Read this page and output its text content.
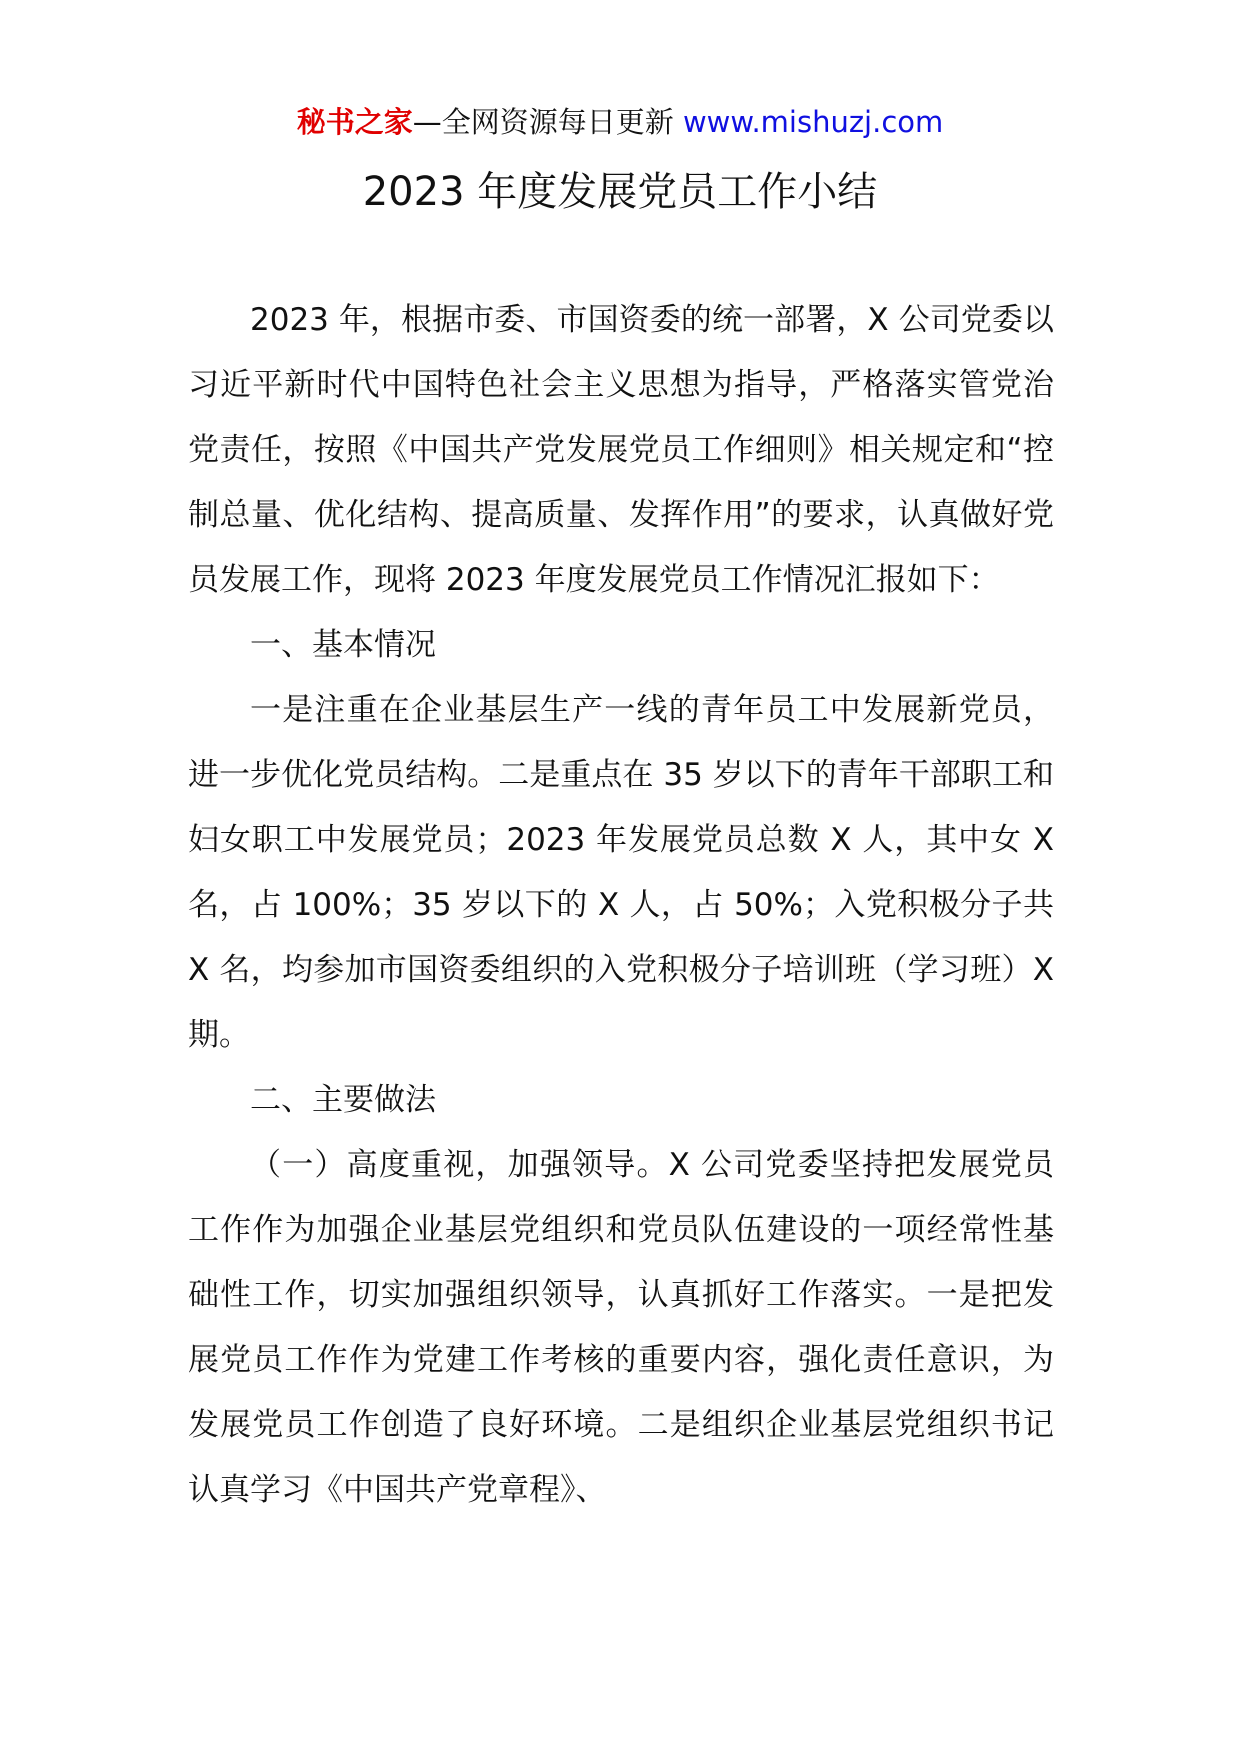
秘书之家—全网资源每日更新 www.mishuzj.com
2023 年度发展党员工作小结

2023 年，根据市委、市国资委的统一部署，X 公司党委以习近平新时代中国特色社会主义思想为指导，严格落实管党治党责任，按照《中国共产党发展党员工作细则》相关规定和“控制总量、优化结构、提高质量、发挥作用”的要求，认真做好党员发展工作，现将 2023 年度发展党员工作情况汇报如下：

一、基本情况

一是注重在企业基层生产一线的青年员工中发展新党员，进一步优化党员结构。二是重点在 35 岁以下的青年干部职工和妇女职工中发展党员；2023 年发展党员总数 X 人，其中女 X 名，占 100%；35 岁以下的 X 人，占 50%；入党积极分子共 X 名，均参加市国资委组织的入党积极分子培训班（学习班）X 期。

二、主要做法

（一）高度重视，加强领导。X 公司党委坚持把发展党员工作作为加强企业基层党组织和党员队伍建设的一项经常性基础性工作，切实加强组织领导，认真抓好工作落实。一是把发展党员工作作为党建工作考核的重要内容，强化责任意识，为发展党员工作创造了良好环境。二是组织企业基层党组织书记认真学习《中国共产党章程》、
